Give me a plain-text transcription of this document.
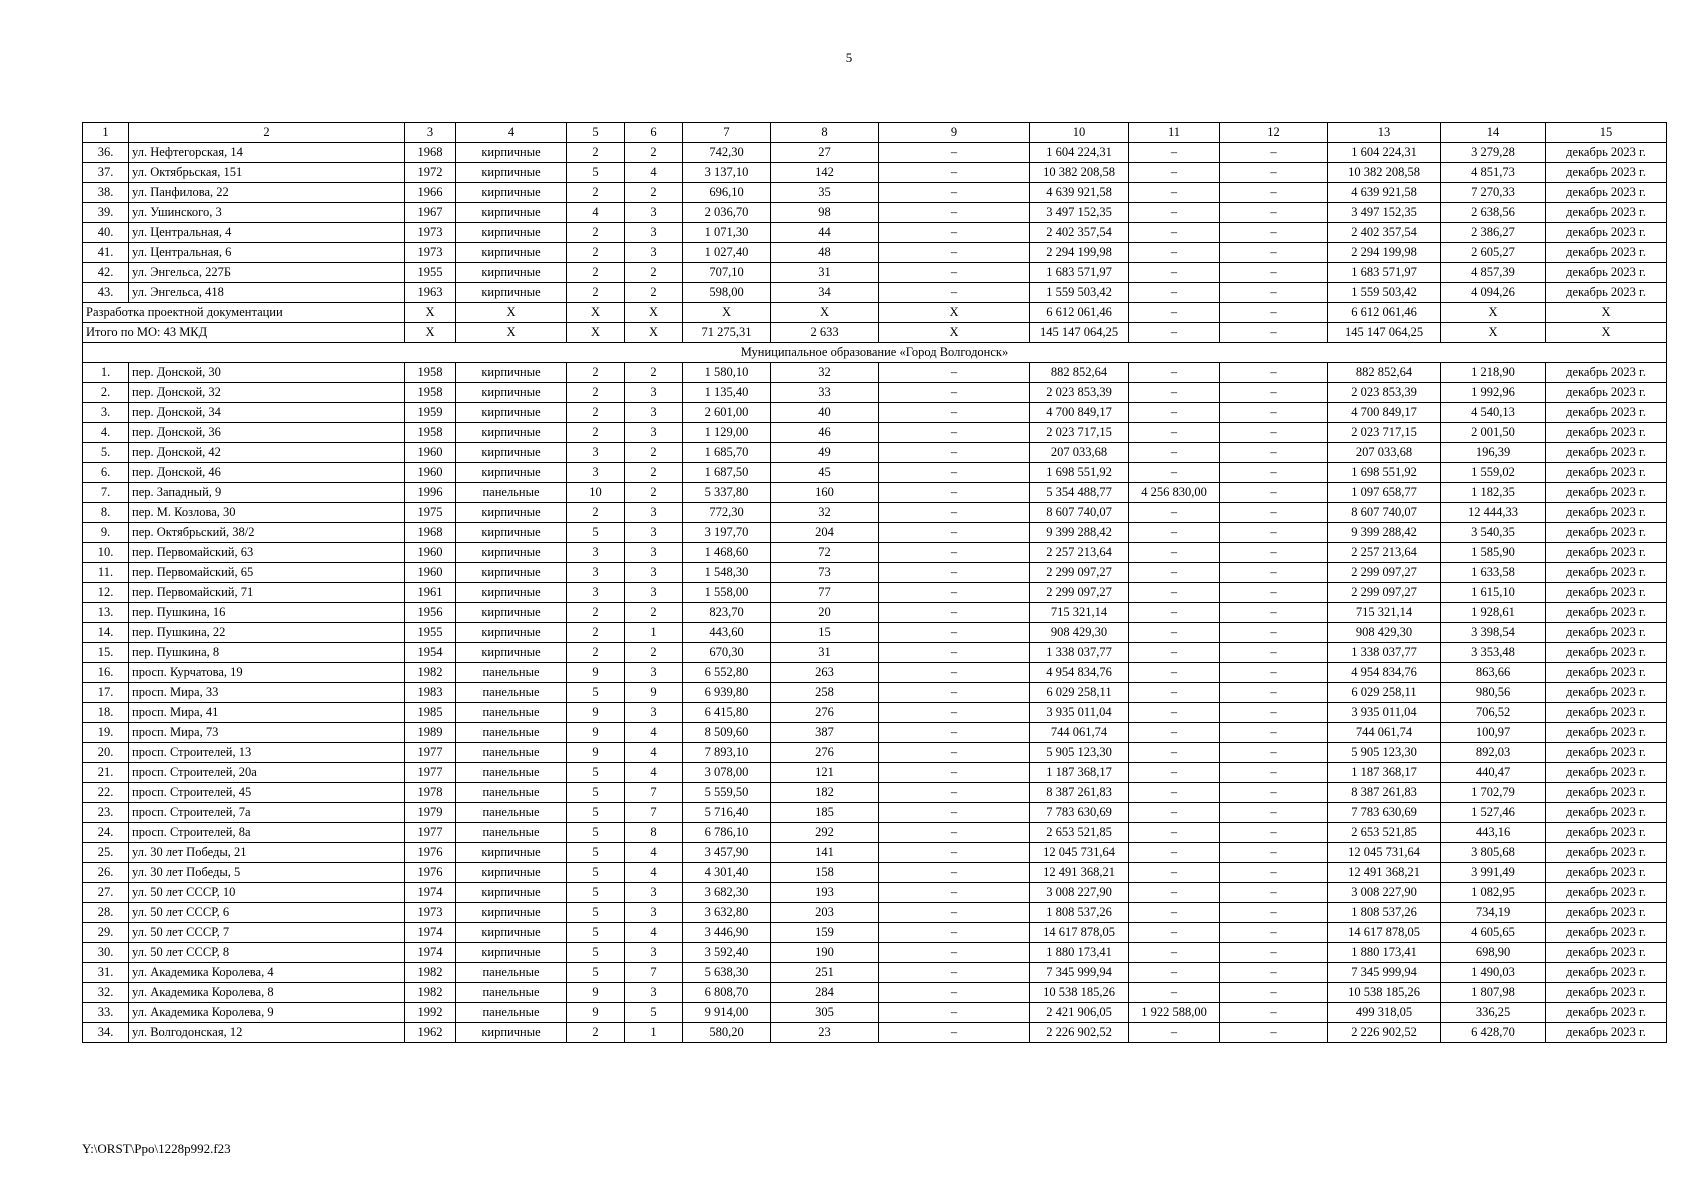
5
1	2	3	4	5	6	7	8	9	10	11	12	13	14	15
36.	ул. Нефтегорская, 14	1968	кирпичные	2	2	742,30	27	–	1 604 224,31	–	–	1 604 224,31	3 279,28	декабрь 2023 г.
37.	ул. Октябрьская, 151	1972	кирпичные	5	4	3 137,10	142	–	10 382 208,58	–	–	10 382 208,58	4 851,73	декабрь 2023 г.
38.	ул. Панфилова, 22	1966	кирпичные	2	2	696,10	35	–	4 639 921,58	–	–	4 639 921,58	7 270,33	декабрь 2023 г.
39.	ул. Ушинского, 3	1967	кирпичные	4	3	2 036,70	98	–	3 497 152,35	–	–	3 497 152,35	2 638,56	декабрь 2023 г.
40.	ул. Центральная, 4	1973	кирпичные	2	3	1 071,30	44	–	2 402 357,54	–	–	2 402 357,54	2 386,27	декабрь 2023 г.
41.	ул. Центральная, 6	1973	кирпичные	2	3	1 027,40	48	–	2 294 199,98	–	–	2 294 199,98	2 605,27	декабрь 2023 г.
42.	ул. Энгельса, 227Б	1955	кирпичные	2	2	707,10	31	–	1 683 571,97	–	–	1 683 571,97	4 857,39	декабрь 2023 г.
43.	ул. Энгельса, 418	1963	кирпичные	2	2	598,00	34	–	1 559 503,42	–	–	1 559 503,42	4 094,26	декабрь 2023 г.
Разработка проектной документации		X	X	X	X	X	X	X	6 612 061,46	–	–	6 612 061,46	X	X
Итого по МО: 43 МКД		X	X	X	X	71 275,31	2 633	X	145 147 064,25	–	–	145 147 064,25	X	X
Муниципальное образование «Город Волгодонск»														
1.	пер. Донской, 30	1958	кирпичные	2	2	1 580,10	32	–	882 852,64	–	–	882 852,64	1 218,90	декабрь 2023 г.
2.	пер. Донской, 32	1958	кирпичные	2	3	1 135,40	33	–	2 023 853,39	–	–	2 023 853,39	1 992,96	декабрь 2023 г.
3.	пер. Донской, 34	1959	кирпичные	2	3	2 601,00	40	–	4 700 849,17	–	–	4 700 849,17	4 540,13	декабрь 2023 г.
4.	пер. Донской, 36	1958	кирпичные	2	3	1 129,00	46	–	2 023 717,15	–	–	2 023 717,15	2 001,50	декабрь 2023 г.
5.	пер. Донской, 42	1960	кирпичные	3	2	1 685,70	49	–	207 033,68	–	–	207 033,68	196,39	декабрь 2023 г.
6.	пер. Донской, 46	1960	кирпичные	3	2	1 687,50	45	–	1 698 551,92	–	–	1 698 551,92	1 559,02	декабрь 2023 г.
7.	пер. Западный, 9	1996	панельные	10	2	5 337,80	160	–	5 354 488,77	4 256 830,00	–	1 097 658,77	1 182,35	декабрь 2023 г.
8.	пер. М. Козлова, 30	1975	кирпичные	2	3	772,30	32	–	8 607 740,07	–	–	8 607 740,07	12 444,33	декабрь 2023 г.
9.	пер. Октябрьский, 38/2	1968	кирпичные	5	3	3 197,70	204	–	9 399 288,42	–	–	9 399 288,42	3 540,35	декабрь 2023 г.
10.	пер. Первомайский, 63	1960	кирпичные	3	3	1 468,60	72	–	2 257 213,64	–	–	2 257 213,64	1 585,90	декабрь 2023 г.
11.	пер. Первомайский, 65	1960	кирпичные	3	3	1 548,30	73	–	2 299 097,27	–	–	2 299 097,27	1 633,58	декабрь 2023 г.
12.	пер. Первомайский, 71	1961	кирпичные	3	3	1 558,00	77	–	2 299 097,27	–	–	2 299 097,27	1 615,10	декабрь 2023 г.
13.	пер. Пушкина, 16	1956	кирпичные	2	2	823,70	20	–	715 321,14	–	–	715 321,14	1 928,61	декабрь 2023 г.
14.	пер. Пушкина, 22	1955	кирпичные	2	1	443,60	15	–	908 429,30	–	–	908 429,30	3 398,54	декабрь 2023 г.
15.	пер. Пушкина, 8	1954	кирпичные	2	2	670,30	31	–	1 338 037,77	–	–	1 338 037,77	3 353,48	декабрь 2023 г.
16.	просп. Курчатова, 19	1982	панельные	9	3	6 552,80	263	–	4 954 834,76	–	–	4 954 834,76	863,66	декабрь 2023 г.
17.	просп. Мира, 33	1983	панельные	5	9	6 939,80	258	–	6 029 258,11	–	–	6 029 258,11	980,56	декабрь 2023 г.
18.	просп. Мира, 41	1985	панельные	9	3	6 415,80	276	–	3 935 011,04	–	–	3 935 011,04	706,52	декабрь 2023 г.
19.	просп. Мира, 73	1989	панельные	9	4	8 509,60	387	–	744 061,74	–	–	744 061,74	100,97	декабрь 2023 г.
20.	просп. Строителей, 13	1977	панельные	9	4	7 893,10	276	–	5 905 123,30	–	–	5 905 123,30	892,03	декабрь 2023 г.
21.	просп. Строителей, 20а	1977	панельные	5	4	3 078,00	121	–	1 187 368,17	–	–	1 187 368,17	440,47	декабрь 2023 г.
22.	просп. Строителей, 45	1978	панельные	5	7	5 559,50	182	–	8 387 261,83	–	–	8 387 261,83	1 702,79	декабрь 2023 г.
23.	просп. Строителей, 7а	1979	панельные	5	7	5 716,40	185	–	7 783 630,69	–	–	7 783 630,69	1 527,46	декабрь 2023 г.
24.	просп. Строителей, 8а	1977	панельные	5	8	6 786,10	292	–	2 653 521,85	–	–	2 653 521,85	443,16	декабрь 2023 г.
25.	ул. 30 лет Победы, 21	1976	кирпичные	5	4	3 457,90	141	–	12 045 731,64	–	–	12 045 731,64	3 805,68	декабрь 2023 г.
26.	ул. 30 лет Победы, 5	1976	кирпичные	5	4	4 301,40	158	–	12 491 368,21	–	–	12 491 368,21	3 991,49	декабрь 2023 г.
27.	ул. 50 лет СССР, 10	1974	кирпичные	5	3	3 682,30	193	–	3 008 227,90	–	–	3 008 227,90	1 082,95	декабрь 2023 г.
28.	ул. 50 лет СССР, 6	1973	кирпичные	5	3	3 632,80	203	–	1 808 537,26	–	–	1 808 537,26	734,19	декабрь 2023 г.
29.	ул. 50 лет СССР, 7	1974	кирпичные	5	4	3 446,90	159	–	14 617 878,05	–	–	14 617 878,05	4 605,65	декабрь 2023 г.
30.	ул. 50 лет СССР, 8	1974	кирпичные	5	3	3 592,40	190	–	1 880 173,41	–	–	1 880 173,41	698,90	декабрь 2023 г.
31.	ул. Академика Королева, 4	1982	панельные	5	7	5 638,30	251	–	7 345 999,94	–	–	7 345 999,94	1 490,03	декабрь 2023 г.
32.	ул. Академика Королева, 8	1982	панельные	9	3	6 808,70	284	–	10 538 185,26	–	–	10 538 185,26	1 807,98	декабрь 2023 г.
33.	ул. Академика Королева, 9	1992	панельные	9	5	9 914,00	305	–	2 421 906,05	1 922 588,00	–	499 318,05	336,25	декабрь 2023 г.
34.	ул. Волгодонская, 12	1962	кирпичные	2	1	580,20	23	–	2 226 902,52	–	–	2 226 902,52	6 428,70	декабрь 2023 г.
Y:\ORST\Ppo\1228p992.f23
